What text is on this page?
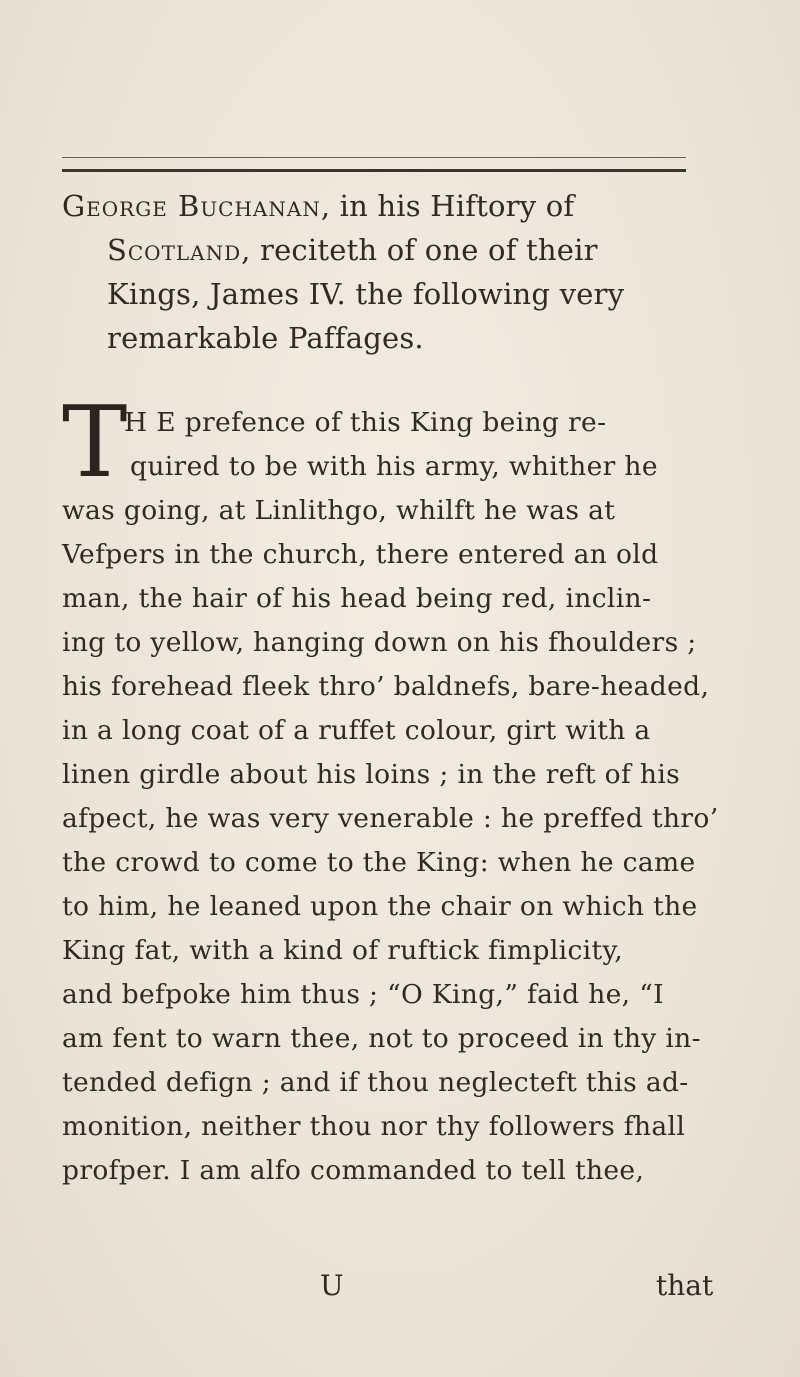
George Buchanan, in his Hiftory of
Scotland, reciteth of one of their
Kings, James IV. the following very
remarkable Paffages.
T
H E prefence of this King being re-
quired to be with his army, whither he
was going, at Linlithgo, whilft he was at
Vefpers in the church, there entered an old
man, the hair of his head being red, inclin-
ing to yellow, hanging down on his fhoulders ;
his forehead fleek thro’ baldnefs, bare-headed,
in a long coat of a ruffet colour, girt with a
linen girdle about his loins ; in the reft of his
afpect, he was very venerable : he preffed thro’
the crowd to come to the King: when he came
to him, he leaned upon the chair on which the
King fat, with a kind of ruftick fimplicity,
and befpoke him thus ; “O King,” faid he, “I
am fent to warn thee, not to proceed in thy in-
tended defign ; and if thou neglecteft this ad-
monition, neither thou nor thy followers fhall
profper. I am alfo commanded to tell thee,
U	that
